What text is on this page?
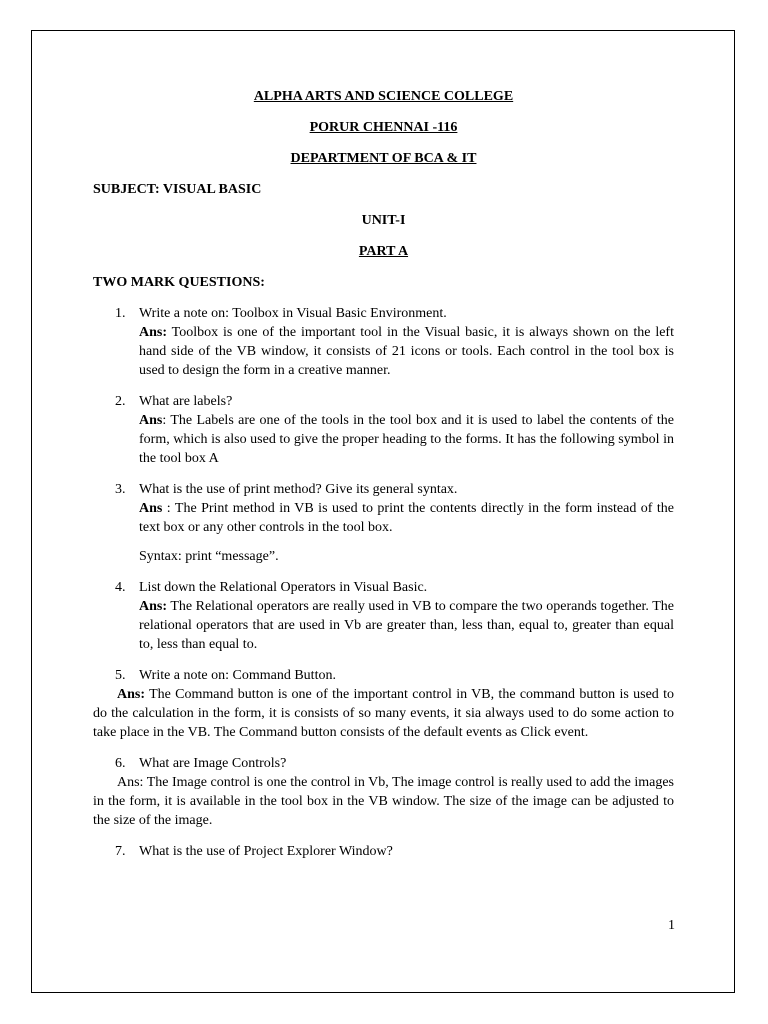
ALPHA ARTS AND SCIENCE COLLEGE

PORUR CHENNAI -116

DEPARTMENT OF BCA & IT

SUBJECT: VISUAL BASIC

UNIT-I

PART A

TWO MARK QUESTIONS:

1. Write a note on: Toolbox in Visual Basic Environment.
Ans: Toolbox is one of the important tool in the Visual basic, it is always shown on the left hand side of the VB window, it consists of 21 icons or tools. Each control in the tool box is used to design the form in a creative manner.
2. What are labels?
Ans: The Labels are one of the tools in the tool box and it is used to label the contents of the form, which is also used to give the proper heading to the forms. It has the following symbol in the tool box A
3. What is the use of print method? Give its general syntax.
Ans : The Print method in VB is used to print the contents directly in the form instead of the text box or any other controls in the tool box.
Syntax: print “message”.
4. List down the Relational Operators in Visual Basic.
Ans: The Relational operators are really used in VB to compare the two operands together. The relational operators that are used in Vb are greater than, less than, equal to, greater than equal to, less than equal to.
5. Write a note on: Command Button.
Ans: The Command button is one of the important control in VB, the command button is used to do the calculation in the form, it is consists of so many events, it sia always used to do some action to take place in the VB. The Command button consists of the default events as Click event.
6. What are Image Controls?
Ans: The Image control is one the control in Vb, The image control is really used to add the images in the form, it is available in the tool box in the VB window. The size of the image can be adjusted to the size of the image.
7. What is the use of Project Explorer Window?
1
